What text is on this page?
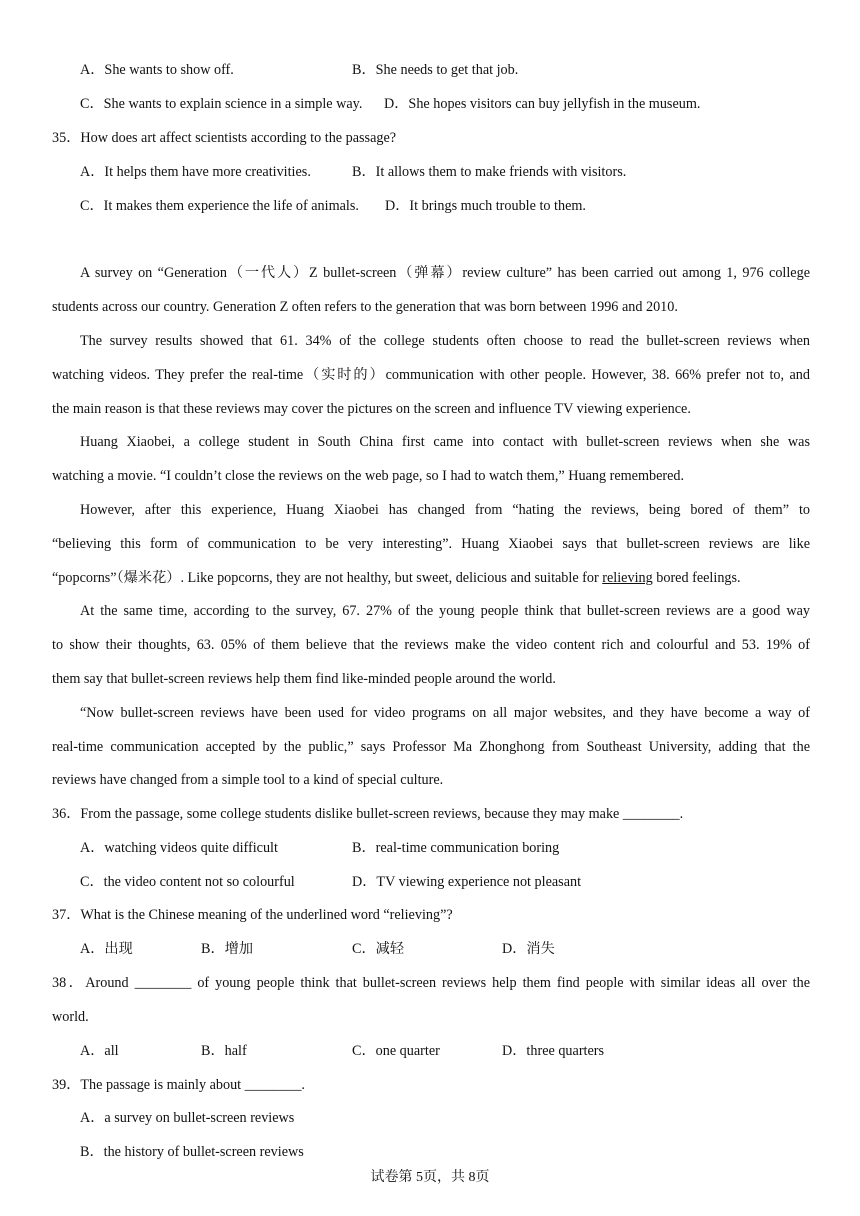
A．She wants to show off.	B．She needs to get that job.
C．She wants to explain science in a simple way. D．She hopes visitors can buy jellyfish in the museum.
35．How does art affect scientists according to the passage?
A．It helps them have more creativities.	B．It allows them to make friends with visitors.
C．It makes them experience the life of animals. D．It brings much trouble to them.
A survey on “Generation（一代人）Z bullet-screen（弹幕）review culture” has been carried out among 1, 976 college
students across our country. Generation Z often refers to the generation that was born between 1996 and 2010.
The survey results showed that 61. 34% of the college students often choose to read the bullet-screen reviews when
watching videos. They prefer the real-time（实时的）communication with other people. However, 38. 66% prefer not to, and
the main reason is that these reviews may cover the pictures on the screen and influence TV viewing experience.
Huang Xiaobei, a college student in South China first came into contact with bullet-screen reviews when she was
watching a movie. “I couldn’t close the reviews on the web page, so I had to watch them,” Huang remembered.
However, after this experience, Huang Xiaobei has changed from “hating the reviews, being bored of them” to
“believing this form of communication to be very interesting”. Huang Xiaobei says that bullet-screen reviews are like
“popcorns”（爆米花）. Like popcorns, they are not healthy, but sweet, delicious and suitable for relieving bored feelings.
At the same time, according to the survey, 67. 27% of the young people think that bullet-screen reviews are a good way
to show their thoughts, 63. 05% of them believe that the reviews make the video content rich and colourful and 53. 19% of
them say that bullet-screen reviews help them find like-minded people around the world.
“Now bullet-screen reviews have been used for video programs on all major websites, and they have become a way of
real-time communication accepted by the public,” says Professor Ma Zhonghong from Southeast University, adding that the
reviews have changed from a simple tool to a kind of special culture.
36．From the passage, some college students dislike bullet-screen reviews, because they may make ________.
A．watching videos quite difficult	B．real-time communication boring
C．the video content not so colourful	D．TV viewing experience not pleasant
37．What is the Chinese meaning of the underlined word “relieving”?
A．出现	B．增加	C．减轻	D．消失
38．Around ________ of young people think that bullet-screen reviews help them find people with similar ideas all over the
world.
A．all	B．half	C．one quarter	D．three quarters
39．The passage is mainly about ________.
A．a survey on bullet-screen reviews
B．the history of bullet-screen reviews
试卷第 5页，共 8页
